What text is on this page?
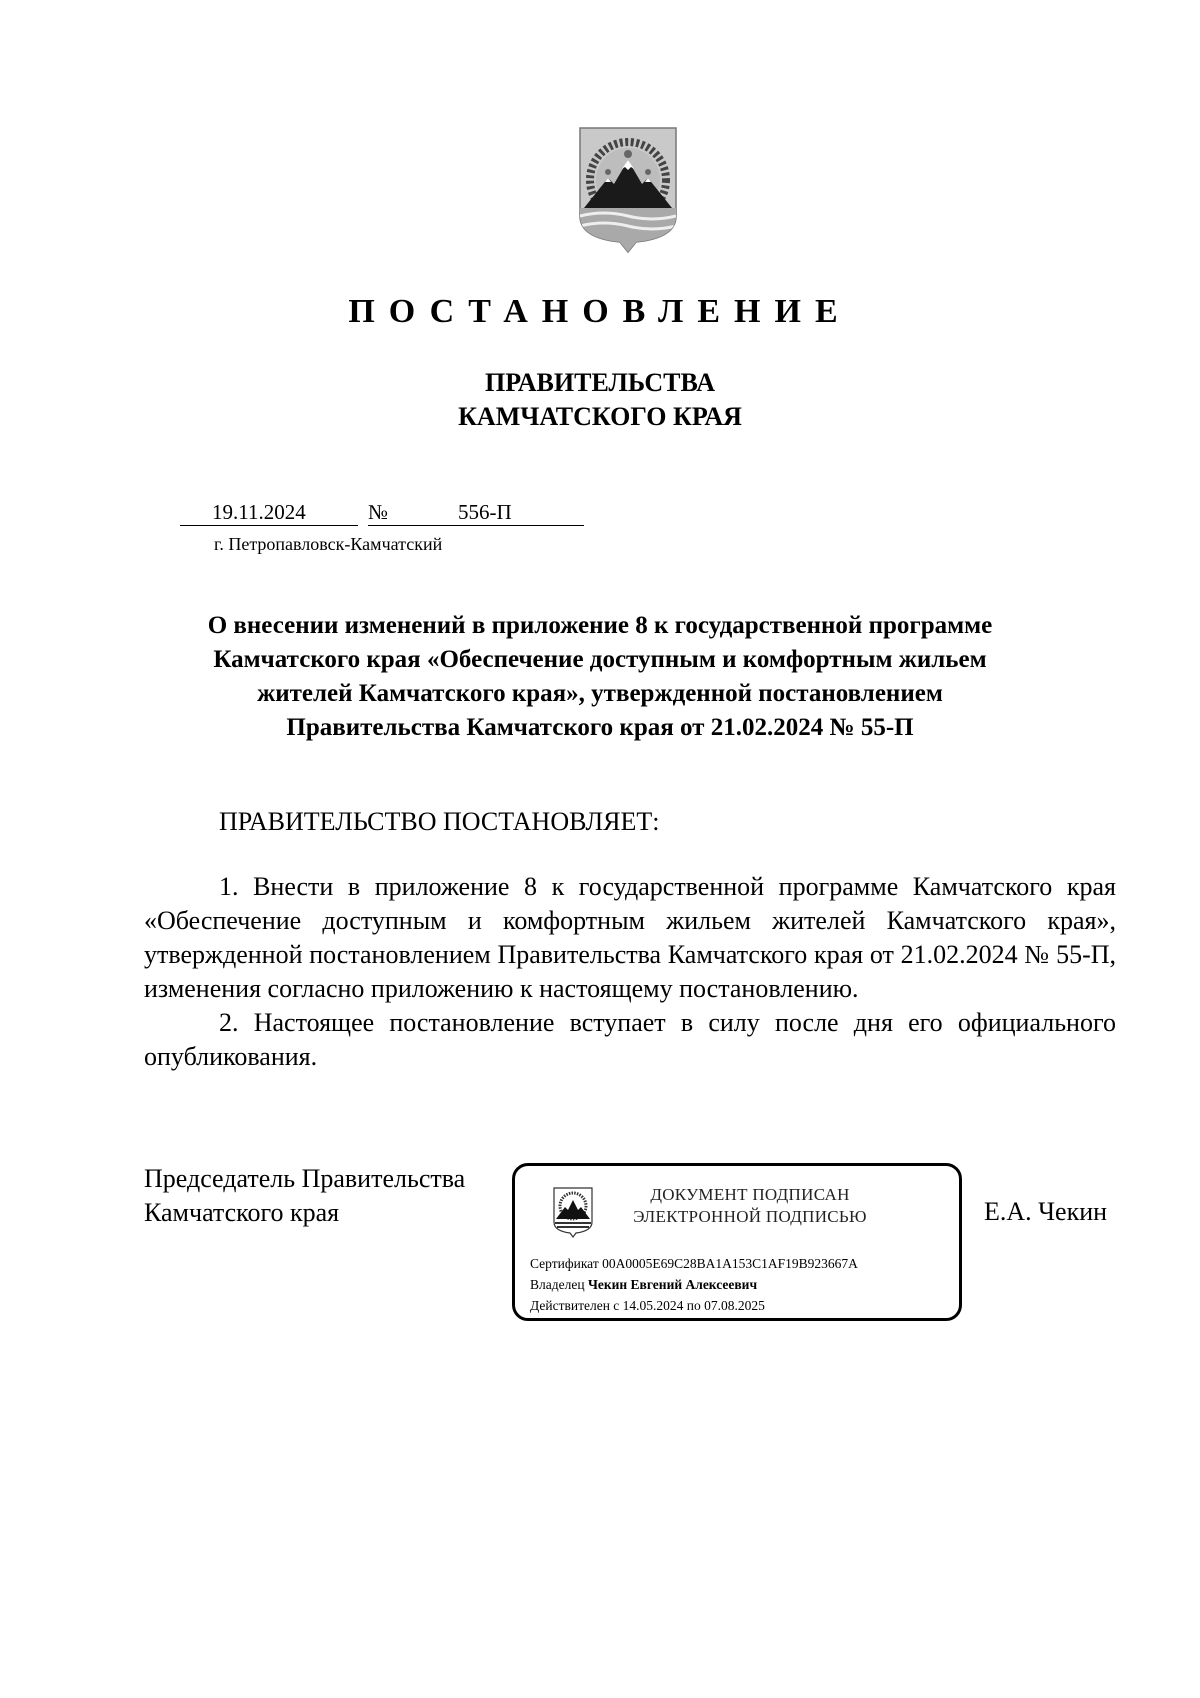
ПОСТАНОВЛЕНИЕ
ПРАВИТЕЛЬСТВА
КАМЧАТСКОГО КРАЯ
19.11.2024	№	556-П
г. Петропавловск-Камчатский
О внесении изменений в приложение 8 к государственной программе
Камчатского края «Обеспечение доступным и комфортным жильем
жителей Камчатского края», утвержденной постановлением
Правительства Камчатского края от 21.02.2024 № 55-П
ПРАВИТЕЛЬСТВО ПОСТАНОВЛЯЕТ:

1. Внести в приложение 8 к государственной программе Камчатского края «Обеспечение доступным и комфортным жильем жителей Камчатского края», утвержденной постановлением Правительства Камчатского края от 21.02.2024 № 55-П, изменения согласно приложению к настоящему постановлению.

2. Настоящее постановление вступает в силу после дня его официального опубликования.

Председатель Правительства
Камчатского края
ДОКУМЕНТ ПОДПИСАН
ЭЛЕКТРОННОЙ ПОДПИСЬЮ
Сертификат 00A0005E69C28BA1A153C1AF19B923667A
Владелец Чекин Евгений Алексеевич
Действителен с 14.05.2024 по 07.08.2025
Е.А. Чекин
